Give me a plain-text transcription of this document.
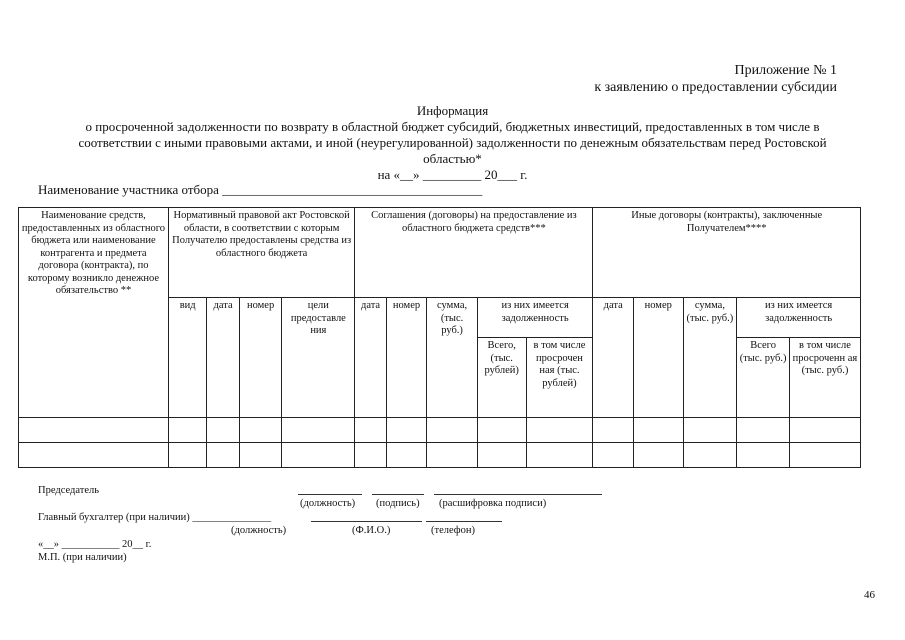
Приложение № 1
к заявлению о предоставлении субсидии
Информация
о просроченной задолженности по возврату в областной бюджет субсидий, бюджетных инвестиций, предоставленных в том числе в
соответствии с иными правовыми актами, и иной (неурегулированной) задолженности по денежным обязательствам перед Ростовской
областью*
на «__» _________ 20___ г.
Наименование участника отбора ________________________________________
Наименование средств, предоставленных из областного бюджета или наименование контрагента и предмета договора (контракта), по которому возникло денежное обязательство **	Нормативный правовой акт Ростовской области, в соответствии с которым Получателю предоставлены средства из областного бюджета				Соглашения (договоры) на предоставление из областного бюджета средств***					Иные договоры (контракты), заключенные Получателем****				
	вид	дата	номер	цели предоставле ния	дата	номер	сумма, (тыс. руб.)	из них имеется задолженность		дата	номер	сумма, (тыс. руб.)	из них имеется задолженность	
								Всего, (тыс. рублей)	в том числе просрочен ная (тыс. рублей)				Всего (тыс. руб.)	в том числе просроченн ая (тыс. руб.)

Председатель
(должность) (подпись) (расшифровка подписи)
Главный бухгалтер (при наличии) _______________
(должность)	(Ф.И.О.)	(телефон)
«__» ___________ 20__ г.
М.П. (при наличии)
46
